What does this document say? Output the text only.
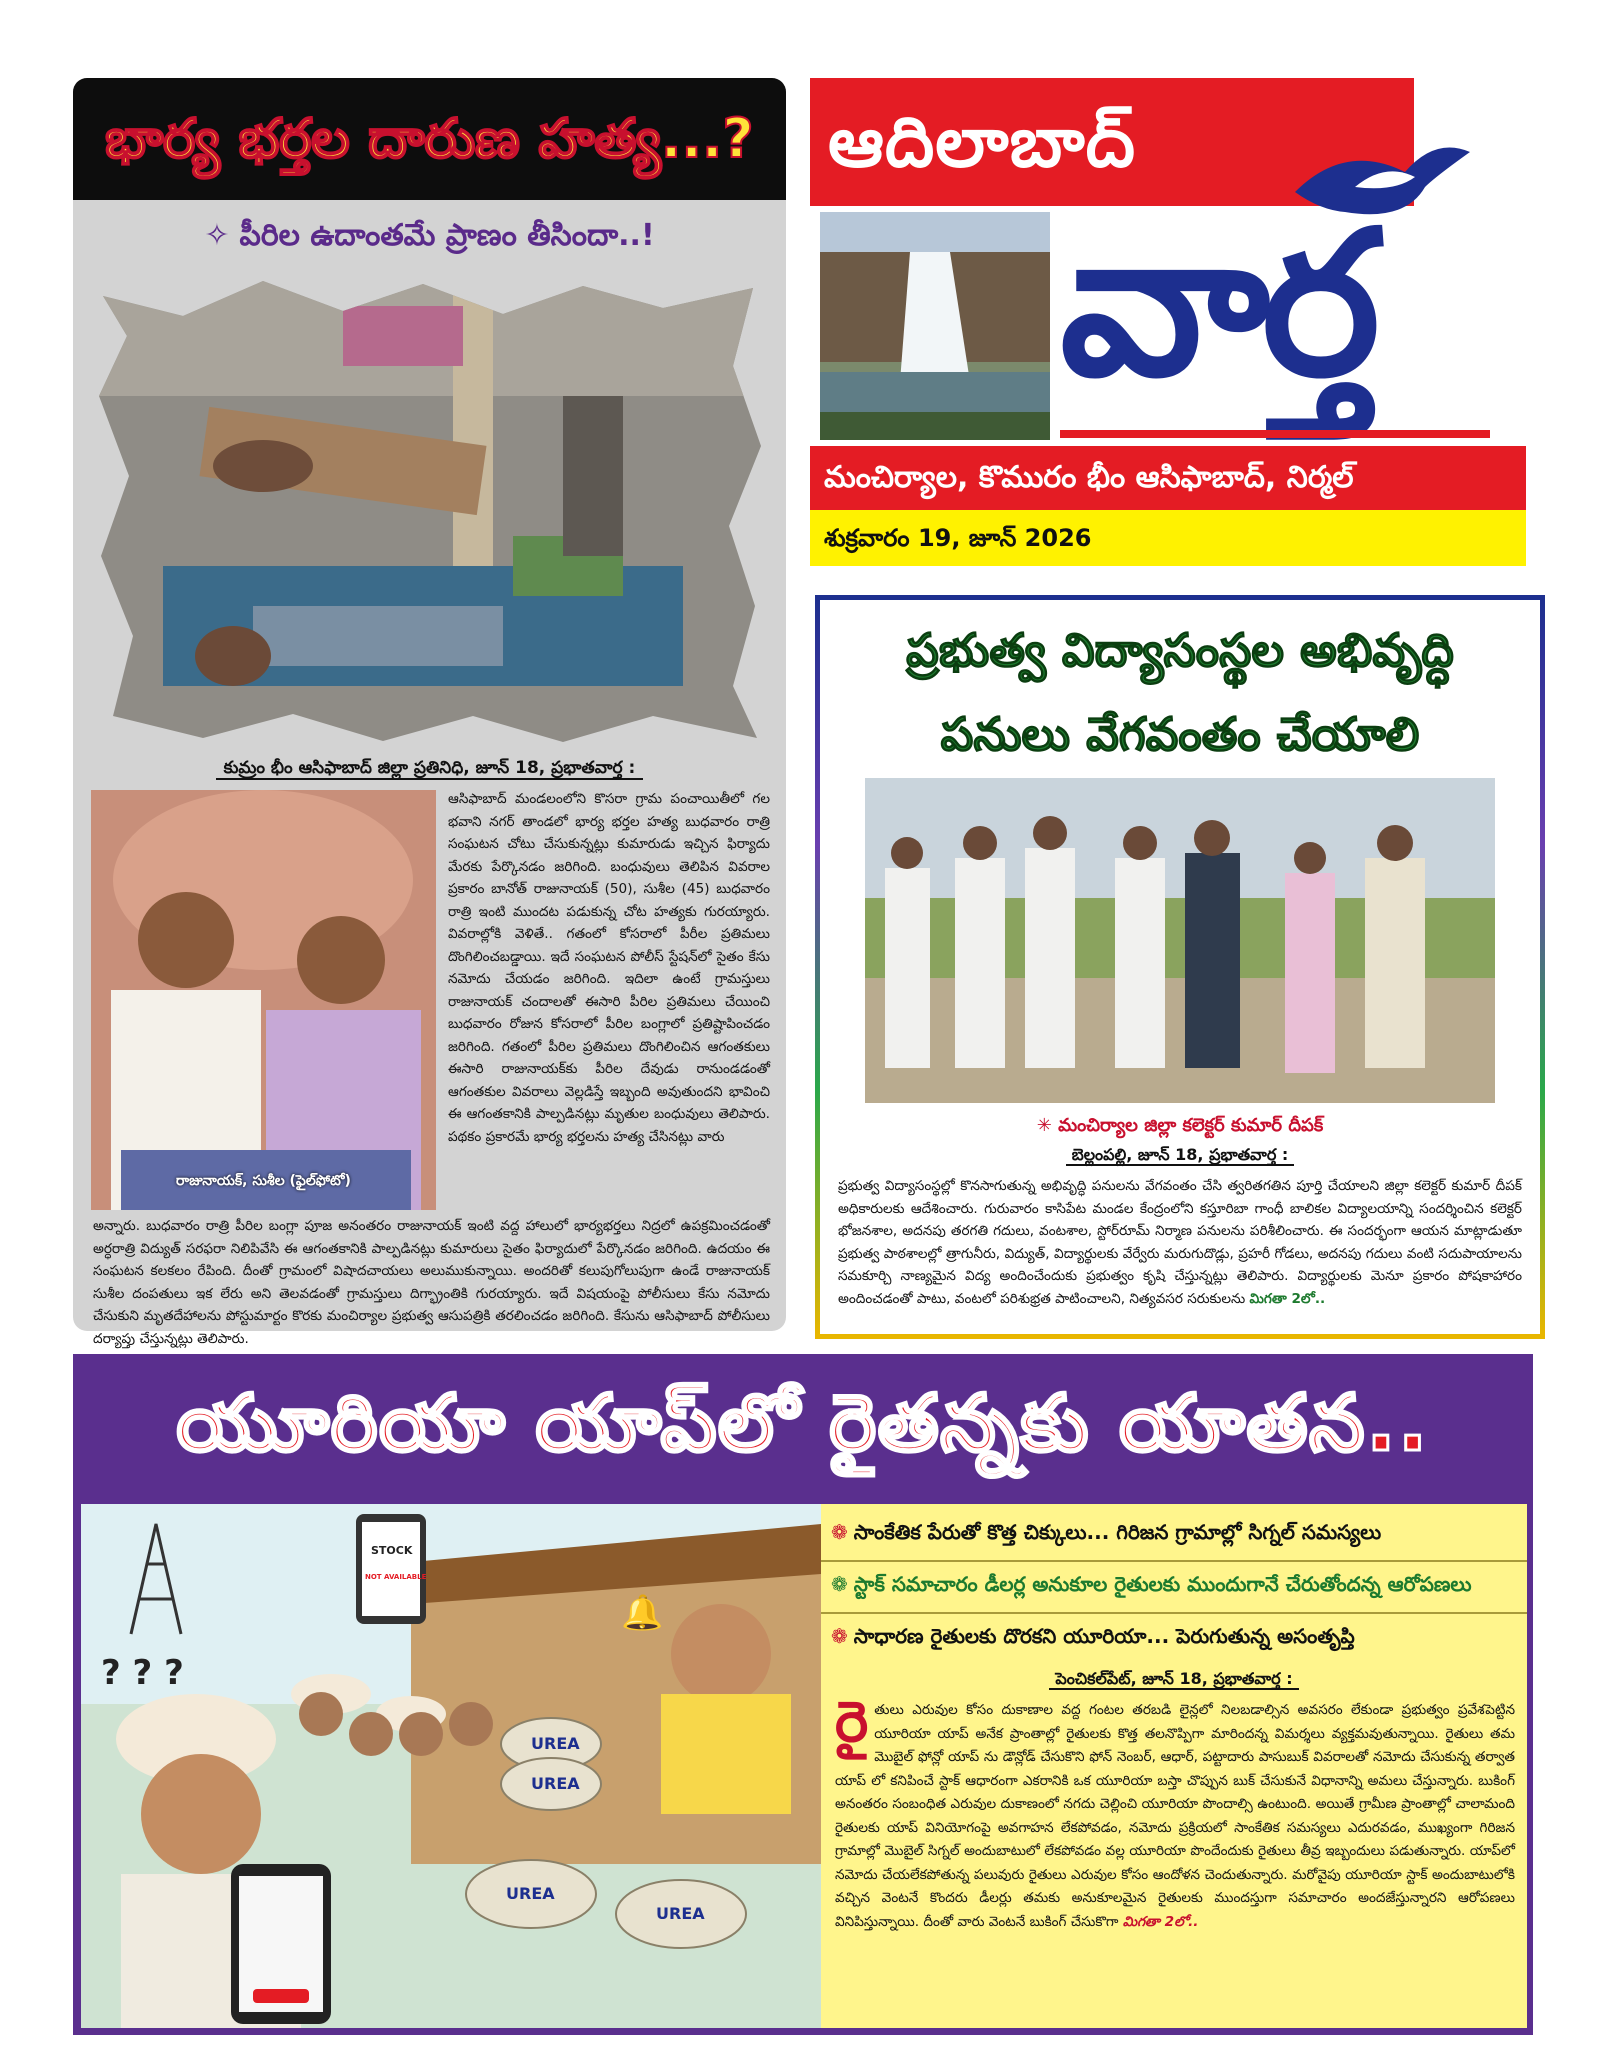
భార్య భర్తల దారుణ హత్య...?
✧ పీరిల ఉదాంతమే ప్రాణం తీసిందా..!
కుమ్రం భీం ఆసిఫాబాద్ జిల్లా ప్రతినిధి, జూన్ 18, ప్రభాతవార్త :
రాజునాయక్, సుశీల (ఫైల్‌ఫోటో)
ఆసిఫాబాద్ మండలంలోని కొసరా గ్రామ పంచాయితీలో గల భవాని నగర్ తాండలో భార్య భర్తల హత్య బుధవారం రాత్రి సంఘటన చోటు చేసుకున్నట్లు కుమారుడు ఇచ్చిన ఫిర్యాదు మేరకు పేర్కొనడం జరిగింది. బంధువులు తెలిపిన వివరాల ప్రకారం బానోత్ రాజునాయక్ (50), సుశీల (45) బుధవారం రాత్రి ఇంటి ముందట పడుకున్న చోట హత్యకు గురయ్యారు. వివరాల్లోకి వెళితే.. గతంలో కోసరాలో పీరీల ప్రతిమలు దొంగిలించబడ్డాయి. ఇదే సంఘటన పోలీస్ స్టేషన్‌లో సైతం కేసు నమోదు చేయడం జరిగింది. ఇదిలా ఉంటే గ్రామస్తులు రాజునాయక్ చందాలతో ఈసారి పీరిల ప్రతిమలు చేయించి బుధవారం రోజున కోసరాలో పీరిల బంగ్లాలో ప్రతిష్టాపించడం జరిగింది. గతంలో పీరిల ప్రతిమలు దొంగిలించిన ఆగంతకులు ఈసారి రాజునాయక్‌కు పీరిల దేవుడు రానుండడంతో ఆగంతకుల వివరాలు వెల్లడిస్తే ఇబ్బంది అవుతుందని భావించి ఈ ఆగంతకానికి పాల్పడినట్లు మృతుల బంధువులు తెలిపారు. పథకం ప్రకారమే భార్య భర్తలను హత్య చేసినట్లు వారు
అన్నారు. బుధవారం రాత్రి పీరిల బంగ్లా పూజ అనంతరం రాజునాయక్ ఇంటి వద్ద హాలులో భార్యభర్తలు నిద్రలో ఉపక్రమించడంతో అర్ధరాత్రి విద్యుత్ సరఫరా నిలిపివేసి ఈ ఆగంతకానికి పాల్పడినట్లు కుమారులు సైతం ఫిర్యాదులో పేర్కొనడం జరిగింది. ఉదయం ఈ సంఘటన కలకలం రేపింది. దీంతో గ్రామంలో విషాదచాయలు అలుముకున్నాయి. అందరితో కలుపుగోలుపుగా ఉండే రాజునాయక్ సుశీల దంపతులు ఇక లేరు అని తెలవడంతో గ్రామస్తులు దిగ్భ్రాంతికి గురయ్యారు. ఇదే విషయంపై పోలీసులు కేసు నమోదు చేసుకుని మృతదేహాలను పోస్టుమార్టం కొరకు మంచిర్యాల ప్రభుత్వ ఆసుపత్రికి తరలించడం జరిగింది. కేసును ఆసిఫాబాద్ పోలీసులు దర్యాప్తు చేస్తున్నట్లు తెలిపారు.
ఆదిలాబాద్
వార్త
మంచిర్యాల, కొమురం భీం ఆసిఫాబాద్, నిర్మల్
శుక్రవారం 19, జూన్ 2026
ప్రభుత్వ విద్యాసంస్థల అభివృద్ధి
పనులు వేగవంతం చేయాలి
✳ మంచిర్యాల జిల్లా కలెక్టర్ కుమార్ దీపక్
బెల్లంపల్లి, జూన్ 18, ప్రభాతవార్త :
ప్రభుత్వ విద్యాసంస్థల్లో కొనసాగుతున్న అభివృద్ధి పనులను వేగవంతం చేసి త్వరితగతిన పూర్తి చేయాలని జిల్లా కలెక్టర్ కుమార్ దీపక్ అధికారులకు ఆదేశించారు. గురువారం కాసిపేట మండల కేంద్రంలోని కస్తూరిబా గాంధీ బాలికల విద్యాలయాన్ని సందర్శించిన కలెక్టర్ భోజనశాల, అదనపు తరగతి గదులు, వంటశాల, స్టోర్‌రూమ్ నిర్మాణ పనులను పరిశీలించారు. ఈ సందర్భంగా ఆయన మాట్లాడుతూ ప్రభుత్వ పాఠశాలల్లో త్రాగునీరు, విద్యుత్, విద్యార్థులకు వేర్వేరు మరుగుదొడ్లు, ప్రహరీ గోడలు, అదనపు గదులు వంటి సదుపాయాలను సమకూర్చి నాణ్యమైన విద్య అందించేందుకు ప్రభుత్వం కృషి చేస్తున్నట్లు తెలిపారు. విద్యార్థులకు మెనూ ప్రకారం పోషకాహారం అందించడంతో పాటు, వంటలో పరిశుభ్రత పాటించాలని, నిత్యవసర సరుకులను మిగతా 2లో..
యూరియా యాప్‌లో రైతన్నకు యాతన..
UREA
UREA
UREA
UREA
STOCK
NOT AVAILABLE
? ? ?
🔔
❁ సాంకేతిక పేరుతో కొత్త చిక్కులు... గిరిజన గ్రామాల్లో సిగ్నల్ సమస్యలు
❁ స్టాక్ సమాచారం డీలర్ల అనుకూల రైతులకు ముందుగానే చేరుతోందన్న ఆరోపణలు
❁ సాధారణ రైతులకు దొరకని యూరియా... పెరుగుతున్న అసంతృప్తి
పెంచికల్‌పేట్, జూన్ 18, ప్రభాతవార్త :
రై తులు ఎరువుల కోసం దుకాణాల వద్ద గంటల తరబడి లైన్లలో నిలబడాల్సిన అవసరం లేకుండా ప్రభుత్వం ప్రవేశపెట్టిన యూరియా యాప్ అనేక ప్రాంతాల్లో రైతులకు కొత్త తలనొప్పిగా మారిందన్న విమర్శలు వ్యక్తమవుతున్నాయి. రైతులు తమ మొబైల్ ఫోన్లో యాప్ ను డౌన్లోడ్ చేసుకొని ఫోన్ నెంబర్, ఆధార్, పట్టాదారు పాసుబుక్ వివరాలతో నమోదు చేసుకున్న తర్వాత యాప్ లో కనిపించే స్టాక్ ఆధారంగా ఎకరానికి ఒక యూరియా బస్తా చొప్పున బుక్ చేసుకునే విధానాన్ని అమలు చేస్తున్నారు. బుకింగ్ అనంతరం సంబంధిత ఎరువుల దుకాణంలో నగదు చెల్లించి యూరియా పొందాల్సి ఉంటుంది. అయితే గ్రామీణ ప్రాంతాల్లో చాలామంది రైతులకు యాప్ వినియోగంపై అవగాహన లేకపోవడం, నమోదు ప్రక్రియలో సాంకేతిక సమస్యలు ఎదురవడం, ముఖ్యంగా గిరిజన గ్రామాల్లో మొబైల్ సిగ్నల్ అందుబాటులో లేకపోవడం వల్ల యూరియా పొందేందుకు రైతులు తీవ్ర ఇబ్బందులు పడుతున్నారు. యాప్‌లో నమోదు చేయలేకపోతున్న పలువురు రైతులు ఎరువుల కోసం ఆందోళన చెందుతున్నారు. మరోవైపు యూరియా స్టాక్ అందుబాటులోకి వచ్చిన వెంటనే కొందరు డీలర్లు తమకు అనుకూలమైన రైతులకు ముందస్తుగా సమాచారం అందజేస్తున్నారని ఆరోపణలు వినిపిస్తున్నాయి. దీంతో వారు వెంటనే బుకింగ్ చేసుకొగా మిగతా 2లో..
